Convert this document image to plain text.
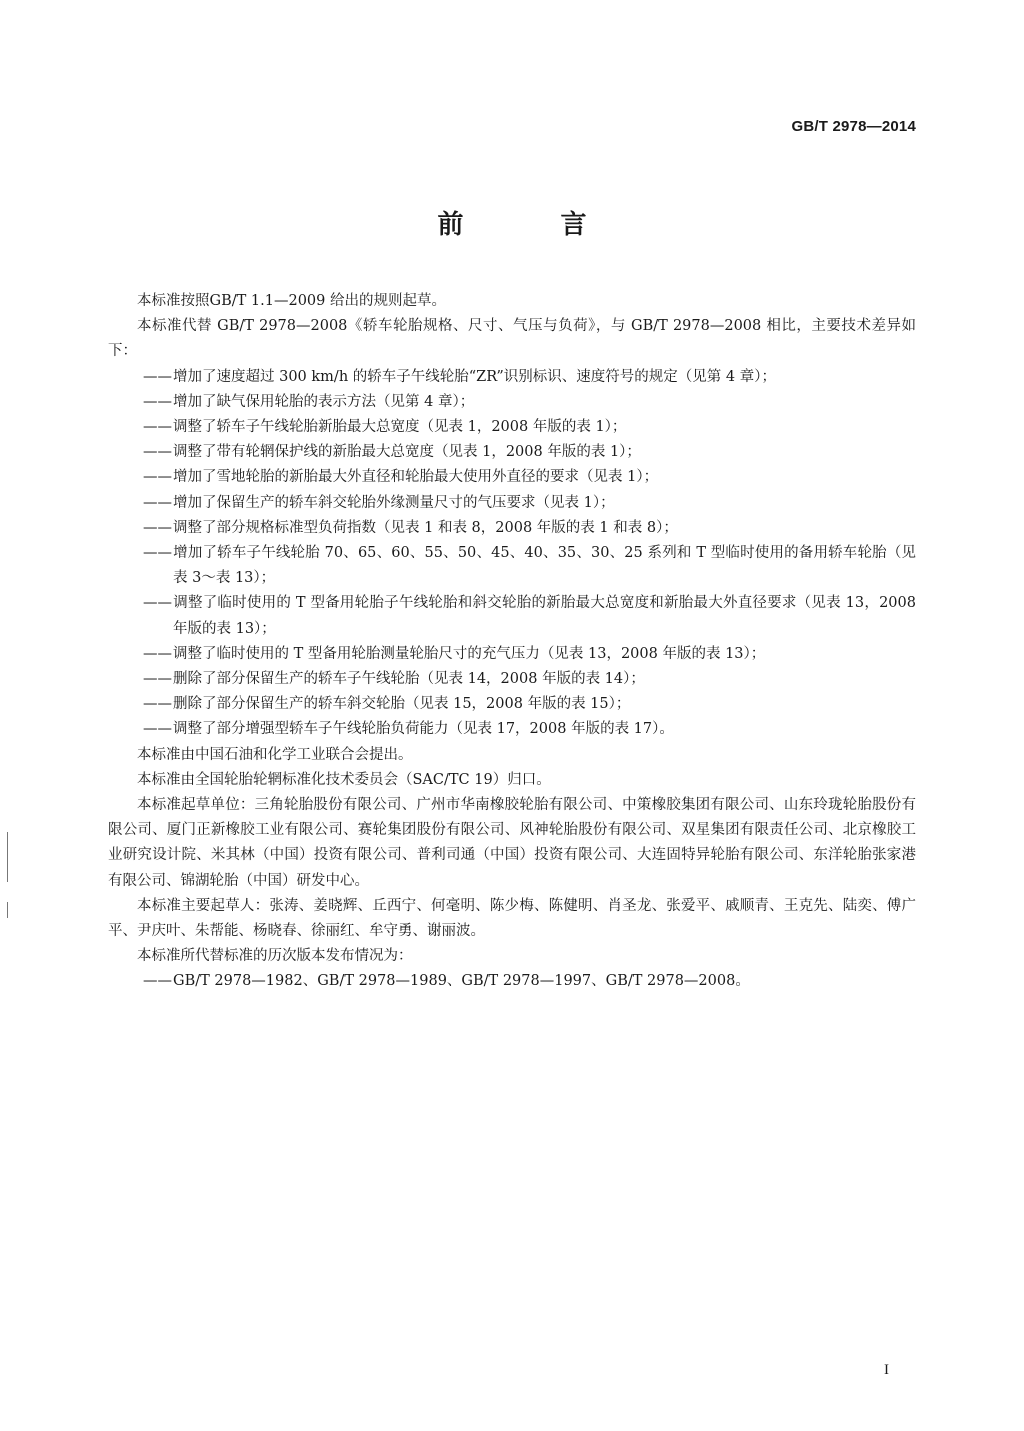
GB/T 2978—2014
前 言

本标准按照GB/T 1.1—2009 给出的规则起草。

本标准代替 GB/T 2978—2008《轿车轮胎规格、尺寸、气压与负荷》，与 GB/T 2978—2008 相比，主要技术差异如下：

——增加了速度超过 300 km/h 的轿车子午线轮胎“ZR”识别标识、速度符号的规定（见第 4 章）；

——增加了缺气保用轮胎的表示方法（见第 4 章）；

——调整了轿车子午线轮胎新胎最大总宽度（见表 1，2008 年版的表 1）；

——调整了带有轮辋保护线的新胎最大总宽度（见表 1，2008 年版的表 1）；

——增加了雪地轮胎的新胎最大外直径和轮胎最大使用外直径的要求（见表 1）；

——增加了保留生产的轿车斜交轮胎外缘测量尺寸的气压要求（见表 1）；

——调整了部分规格标准型负荷指数（见表 1 和表 8，2008 年版的表 1 和表 8）；

——增加了轿车子午线轮胎 70、65、60、55、50、45、40、35、30、25 系列和 T 型临时使用的备用轿车轮胎（见表 3～表 13）；

——调整了临时使用的 T 型备用轮胎子午线轮胎和斜交轮胎的新胎最大总宽度和新胎最大外直径要求（见表 13，2008 年版的表 13）；

——调整了临时使用的 T 型备用轮胎测量轮胎尺寸的充气压力（见表 13，2008 年版的表 13）；

——删除了部分保留生产的轿车子午线轮胎（见表 14，2008 年版的表 14）；

——删除了部分保留生产的轿车斜交轮胎（见表 15，2008 年版的表 15）；

——调整了部分增强型轿车子午线轮胎负荷能力（见表 17，2008 年版的表 17）。

本标准由中国石油和化学工业联合会提出。

本标准由全国轮胎轮辋标准化技术委员会（SAC/TC 19）归口。

本标准起草单位：三角轮胎股份有限公司、广州市华南橡胶轮胎有限公司、中策橡胶集团有限公司、山东玲珑轮胎股份有限公司、厦门正新橡胶工业有限公司、赛轮集团股份有限公司、风神轮胎股份有限公司、双星集团有限责任公司、北京橡胶工业研究设计院、米其林（中国）投资有限公司、普利司通（中国）投资有限公司、大连固特异轮胎有限公司、东洋轮胎张家港有限公司、锦湖轮胎（中国）研发中心。

本标准主要起草人：张涛、姜晓辉、丘西宁、何毫明、陈少梅、陈健明、肖圣龙、张爱平、戚顺青、王克先、陆奕、傅广平、尹庆叶、朱帮能、杨晓春、徐丽红、牟守勇、谢丽波。

本标准所代替标准的历次版本发布情况为：

——GB/T 2978—1982、GB/T 2978—1989、GB/T 2978—1997、GB/T 2978—2008。

I
